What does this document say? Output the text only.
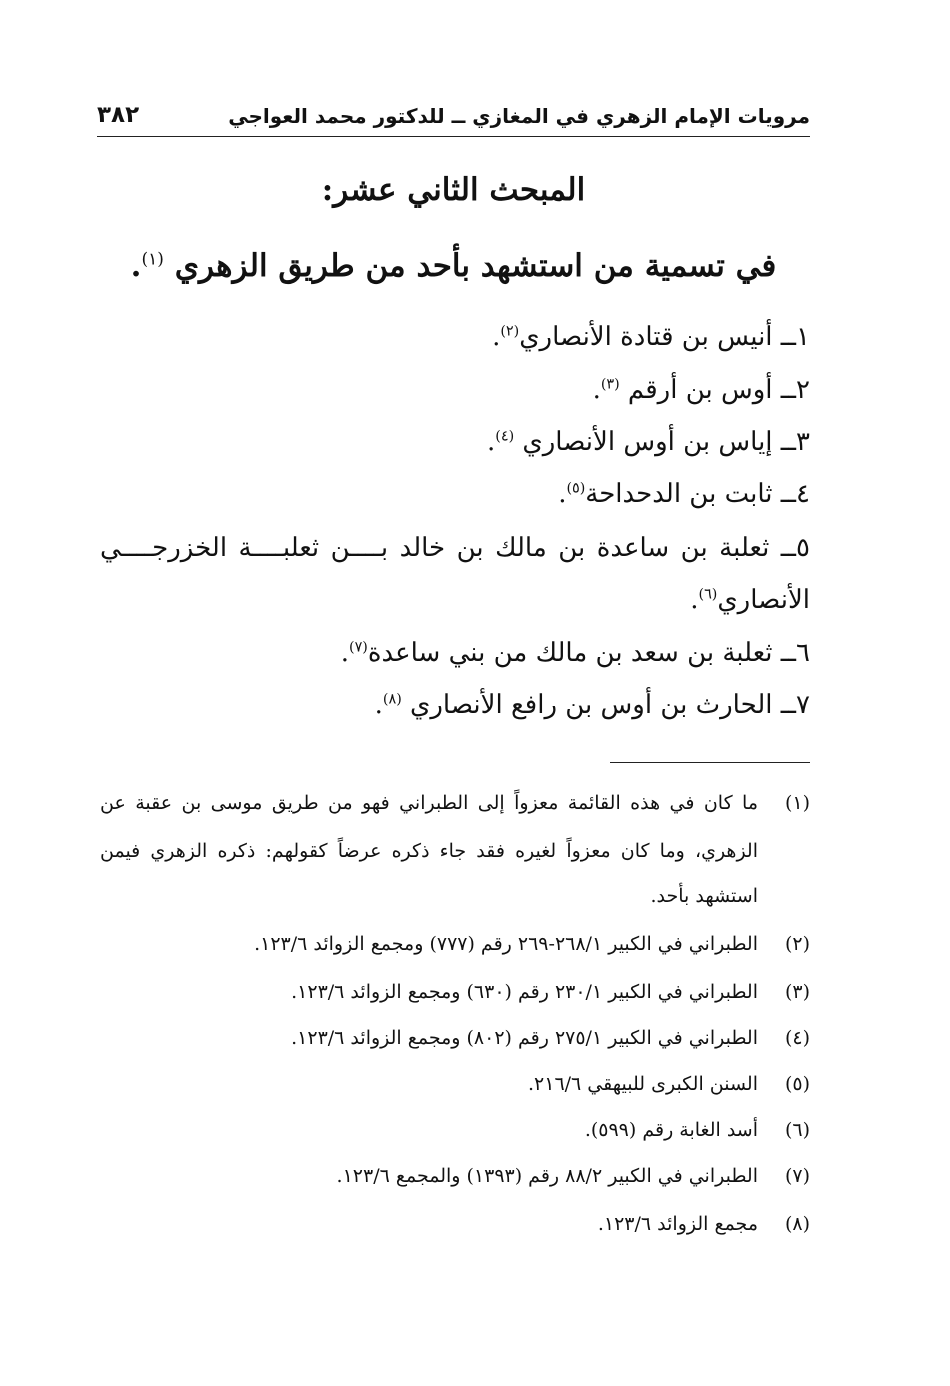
مرويات الإمام الزهري في المغازي ــ للدكتور محمد العواجي
٣٨٢
المبحث الثاني عشر:
في تسمية من استشهد بأحد من طريق الزهري $^{(١)}$.
١ــ أنيس بن قتادة الأنصاري$^{(٢)}$.
٢ــ أوس بن أرقم $^{(٣)}$.
٣ــ إياس بن أوس الأنصاري $^{(٤)}$.
٤ــ ثابت بن الدحداحة$^{(٥)}$.
٥ــ ثعلبة بن ساعدة بن مالك بن خالد بــــن ثعلبــــة الخزرجــــي
الأنصاري$^{(٦)}$.
٦ــ ثعلبة بن سعد بن مالك من بني ساعدة$^{(٧)}$.
٧ــ الحارث بن أوس بن رافع الأنصاري $^{(٨)}$.
(١)
ما كان في هذه القائمة معزواً إلى الطبراني فهو من طريق موسى بن عقبة عن
الزهري، وما كان معزواً لغيره فقد جاء ذكره عرضاً كقولهم: ذكره الزهري فيمن
استشهد بأحد.
(٢)الطبراني في الكبير ٢٦٨/١-٢٦٩ رقم (٧٧٧) ومجمع الزوائد ١٢٣/٦.
(٣)الطبراني في الكبير ٢٣٠/١ رقم (٦٣٠) ومجمع الزوائد ١٢٣/٦.
(٤)الطبراني في الكبير ٢٧٥/١ رقم (٨٠٢) ومجمع الزوائد ١٢٣/٦.
(٥)السنن الكبرى للبيهقي ٢١٦/٦.
(٦)أسد الغابة رقم (٥٩٩).
(٧)الطبراني في الكبير ٨٨/٢ رقم (١٣٩٣) والمجمع ١٢٣/٦.
(٨)مجمع الزوائد ١٢٣/٦.
